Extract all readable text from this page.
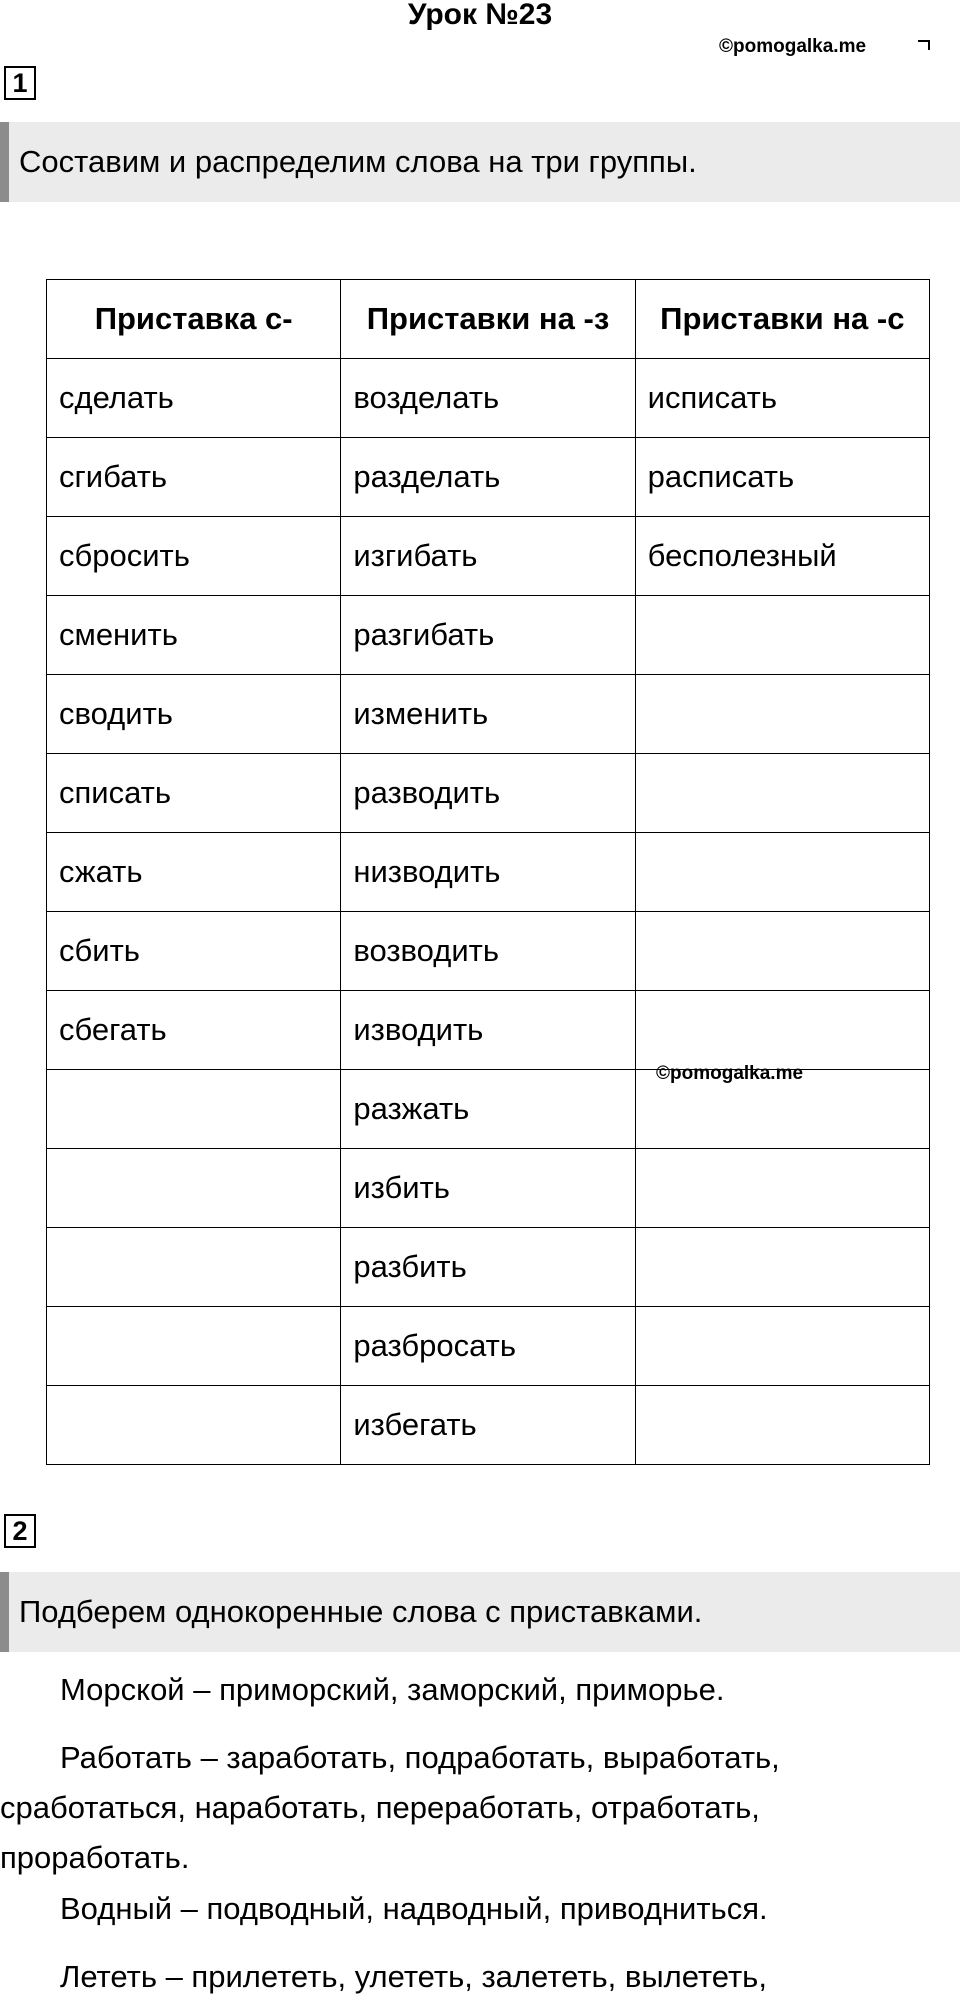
Урок №23
©pomogalka.me
1
Составим и распределим слова на три группы.
Приставка с-	Приставки на -з	Приставки на -с
сделать	возделать	исписать
сгибать	разделать	расписать
сбросить	изгибать	бесполезный
сменить	разгибать	
сводить	изменить	
списать	разводить	
сжать	низводить	
сбить	возводить	
сбегать	изводить	
	разжать	
	избить	
	разбить	
	разбросать	
	избегать	
©pomogalka.me
2
Подберем однокоренные слова с приставками.
Морской – приморский, заморский, приморье.
Работать – заработать, подработать, выработать, сработаться, наработать, переработать, отработать, проработать.
Водный – подводный, надводный, приводниться.
Лететь – прилететь, улететь, залететь, вылететь,
